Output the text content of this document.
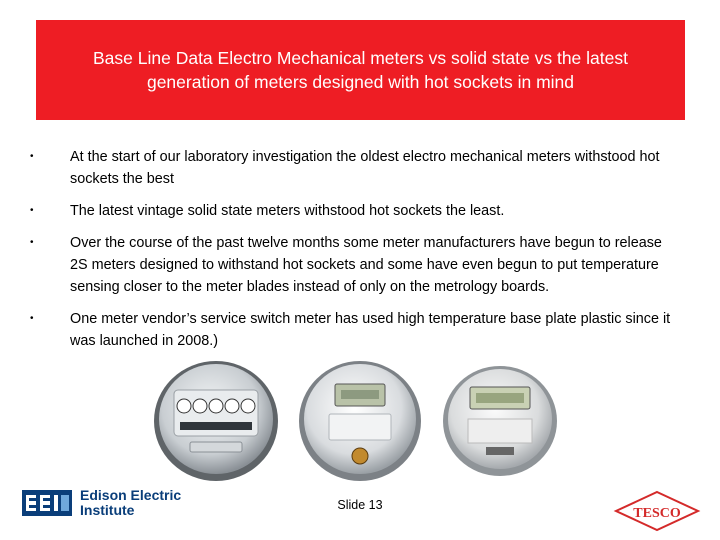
Base Line Data Electro Mechanical meters vs solid state vs the latest generation of meters designed with hot sockets in mind
•	At the start of our laboratory investigation the oldest electro mechanical meters withstood hot sockets the best
•	The latest vintage solid state meters withstood hot sockets the least.
•	Over the course of the past twelve months some meter manufacturers have begun to release 2S meters designed to withstand hot sockets and some have even begun to put temperature sensing closer to the meter blades instead of only on the metrology boards.
•	One meter vendor’s service switch meter has used high temperature base plate plastic since it was launched in 2008.)
Edison Electric
Institute	Slide 13
TESCO
